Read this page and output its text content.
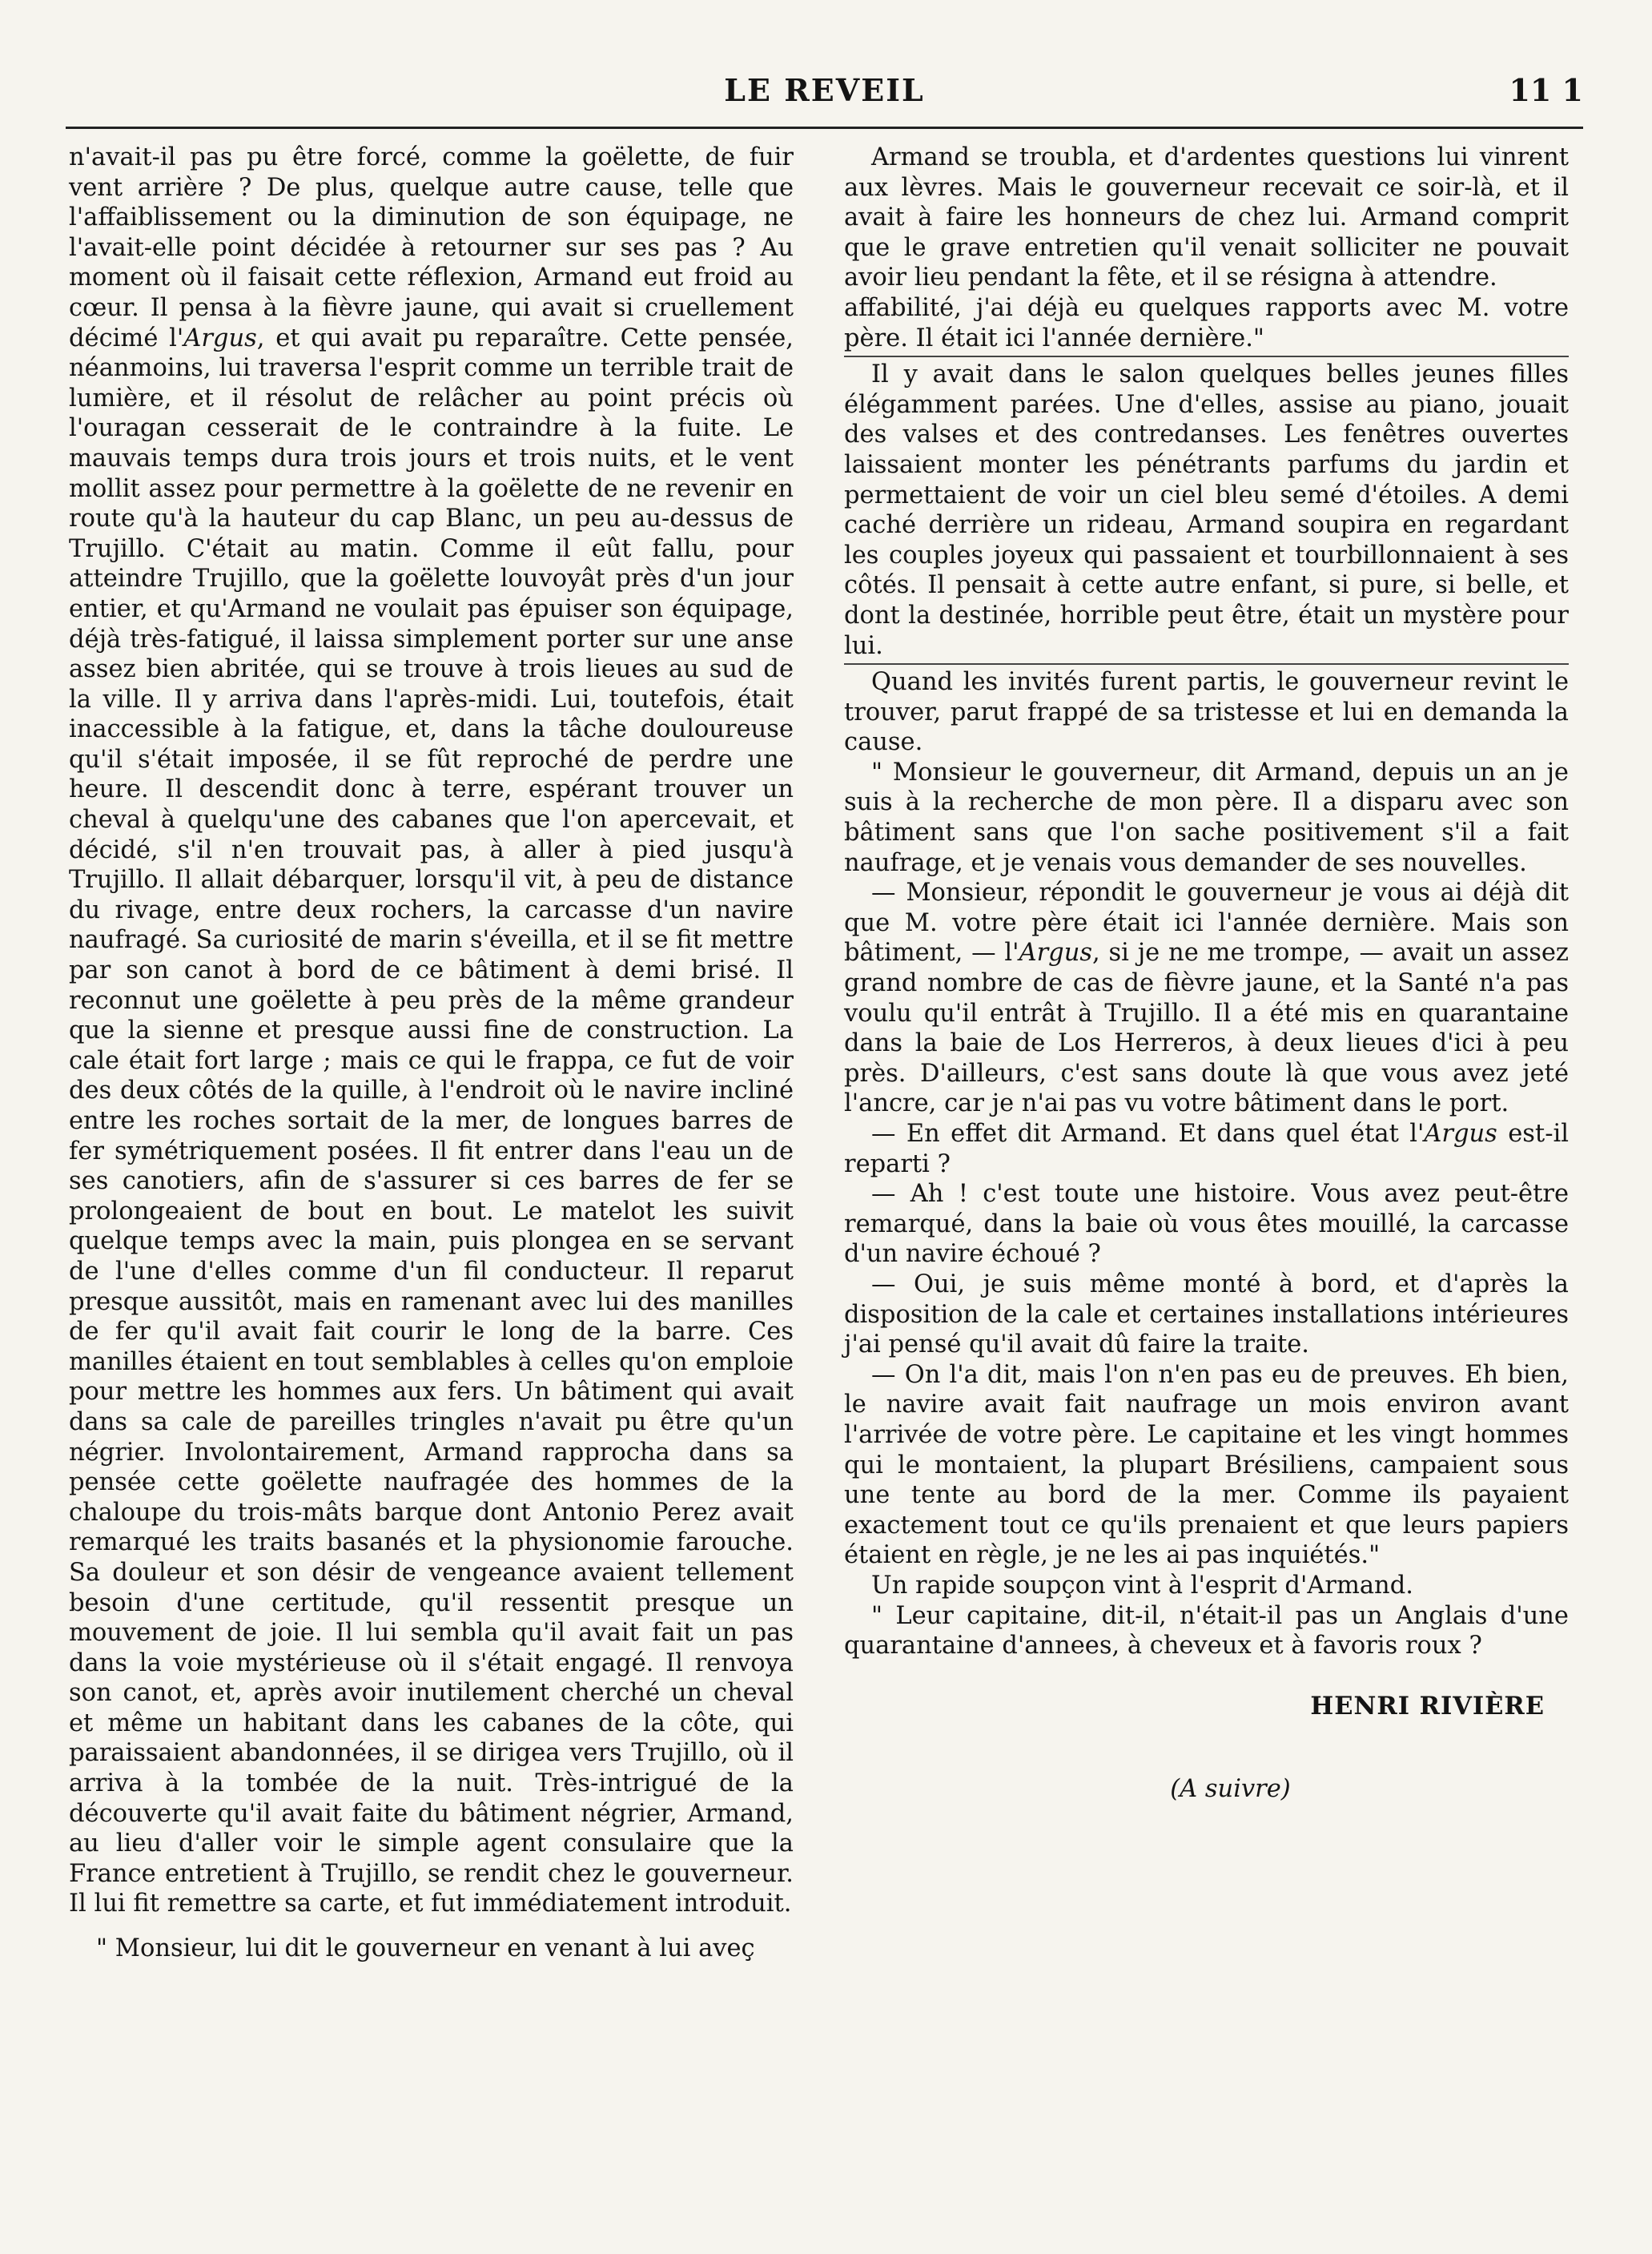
LE REVEIL	11 1

n'avait-il pas pu être forcé, comme la goëlette, de fuir vent arrière ? De plus, quelque autre cause, telle que l'affaiblissement ou la diminution de son équipage, ne l'avait-elle point décidée à retourner sur ses pas ? Au moment où il faisait cette réflexion, Armand eut froid au cœur. Il pensa à la fièvre jaune, qui avait si cruellement décimé l'Argus, et qui avait pu reparaître. Cette pensée, néanmoins, lui traversa l'esprit comme un terrible trait de lumière, et il résolut de relâcher au point précis où l'ouragan cesserait de le contraindre à la fuite. Le mauvais temps dura trois jours et trois nuits, et le vent mollit assez pour permettre à la goëlette de ne revenir en route qu'à la hauteur du cap Blanc, un peu au-dessus de Trujillo. C'était au matin. Comme il eût fallu, pour atteindre Trujillo, que la goëlette louvoyât près d'un jour entier, et qu'Armand ne voulait pas épuiser son équipage, déjà très-fatigué, il laissa simplement porter sur une anse assez bien abritée, qui se trouve à trois lieues au sud de la ville. Il y arriva dans l'après-midi. Lui, toutefois, était inaccessible à la fatigue, et, dans la tâche douloureuse qu'il s'était imposée, il se fût reproché de perdre une heure. Il descendit donc à terre, espérant trouver un cheval à quelqu'une des cabanes que l'on apercevait, et décidé, s'il n'en trouvait pas, à aller à pied jusqu'à Trujillo. Il allait débarquer, lorsqu'il vit, à peu de distance du rivage, entre deux rochers, la carcasse d'un navire naufragé. Sa curiosité de marin s'éveilla, et il se fit mettre par son canot à bord de ce bâtiment à demi brisé. Il reconnut une goëlette à peu près de la même grandeur que la sienne et presque aussi fine de construction. La cale était fort large ; mais ce qui le frappa, ce fut de voir des deux côtés de la quille, à l'endroit où le navire incliné entre les roches sortait de la mer, de longues barres de fer symétriquement posées. Il fit entrer dans l'eau un de ses canotiers, afin de s'assurer si ces barres de fer se prolongeaient de bout en bout. Le matelot les suivit quelque temps avec la main, puis plongea en se servant de l'une d'elles comme d'un fil conducteur. Il reparut presque aussitôt, mais en ramenant avec lui des manilles de fer qu'il avait fait courir le long de la barre. Ces manilles étaient en tout semblables à celles qu'on emploie pour mettre les hommes aux fers. Un bâtiment qui avait dans sa cale de pareilles tringles n'avait pu être qu'un négrier. Involontairement, Armand rapprocha dans sa pensée cette goëlette naufragée des hommes de la chaloupe du trois-mâts barque dont Antonio Perez avait remarqué les traits basanés et la physionomie farouche. Sa douleur et son désir de vengeance avaient tellement besoin d'une certitude, qu'il ressentit presque un mouvement de joie. Il lui sembla qu'il avait fait un pas dans la voie mystérieuse où il s'était engagé. Il renvoya son canot, et, après avoir inutilement cherché un cheval et même un habitant dans les cabanes de la côte, qui paraissaient abandonnées, il se dirigea vers Trujillo, où il arriva à la tombée de la nuit. Très-intrigué de la découverte qu'il avait faite du bâtiment négrier, Armand, au lieu d'aller voir le simple agent consulaire que la France entretient à Trujillo, se rendit chez le gouverneur. Il lui fit remettre sa carte, et fut immédiatement introduit.

" Monsieur, lui dit le gouverneur en venant à lui aveç

Armand se troubla, et d'ardentes questions lui vinrent aux lèvres. Mais le gouverneur recevait ce soir-là, et il avait à faire les honneurs de chez lui. Armand comprit que le grave entretien qu'il venait solliciter ne pouvait avoir lieu pendant la fête, et il se résigna à attendre.

affabilité, j'ai déjà eu quelques rapports avec M. votre père. Il était ici l'année dernière."

Il y avait dans le salon quelques belles jeunes filles élégamment parées. Une d'elles, assise au piano, jouait des valses et des contredanses. Les fenêtres ouvertes laissaient monter les pénétrants parfums du jardin et permettaient de voir un ciel bleu semé d'étoiles. A demi caché derrière un rideau, Armand soupira en regardant les couples joyeux qui passaient et tourbillonnaient à ses côtés. Il pensait à cette autre enfant, si pure, si belle, et dont la destinée, horrible peut être, était un mystère pour lui.

Quand les invités furent partis, le gouverneur revint le trouver, parut frappé de sa tristesse et lui en demanda la cause.

" Monsieur le gouverneur, dit Armand, depuis un an je suis à la recherche de mon père. Il a disparu avec son bâtiment sans que l'on sache positivement s'il a fait naufrage, et je venais vous demander de ses nouvelles.

— Monsieur, répondit le gouverneur je vous ai déjà dit que M. votre père était ici l'année dernière. Mais son bâtiment, — l'Argus, si je ne me trompe, — avait un assez grand nombre de cas de fièvre jaune, et la Santé n'a pas voulu qu'il entrât à Trujillo. Il a été mis en quarantaine dans la baie de Los Herreros, à deux lieues d'ici à peu près. D'ailleurs, c'est sans doute là que vous avez jeté l'ancre, car je n'ai pas vu votre bâtiment dans le port.

— En effet dit Armand. Et dans quel état l'Argus est-il reparti ?

— Ah ! c'est toute une histoire. Vous avez peut-être remarqué, dans la baie où vous êtes mouillé, la carcasse d'un navire échoué ?

— Oui, je suis même monté à bord, et d'après la disposition de la cale et certaines installations intérieures j'ai pensé qu'il avait dû faire la traite.

— On l'a dit, mais l'on n'en pas eu de preuves. Eh bien, le navire avait fait naufrage un mois environ avant l'arrivée de votre père. Le capitaine et les vingt hommes qui le montaient, la plupart Brésiliens, campaient sous une tente au bord de la mer. Comme ils payaient exactement tout ce qu'ils prenaient et que leurs papiers étaient en règle, je ne les ai pas inquiétés."

Un rapide soupçon vint à l'esprit d'Armand.

" Leur capitaine, dit-il, n'était-il pas un Anglais d'une quarantaine d'annees, à cheveux et à favoris roux ?

HENRI RIVIÈRE
(A suivre)
